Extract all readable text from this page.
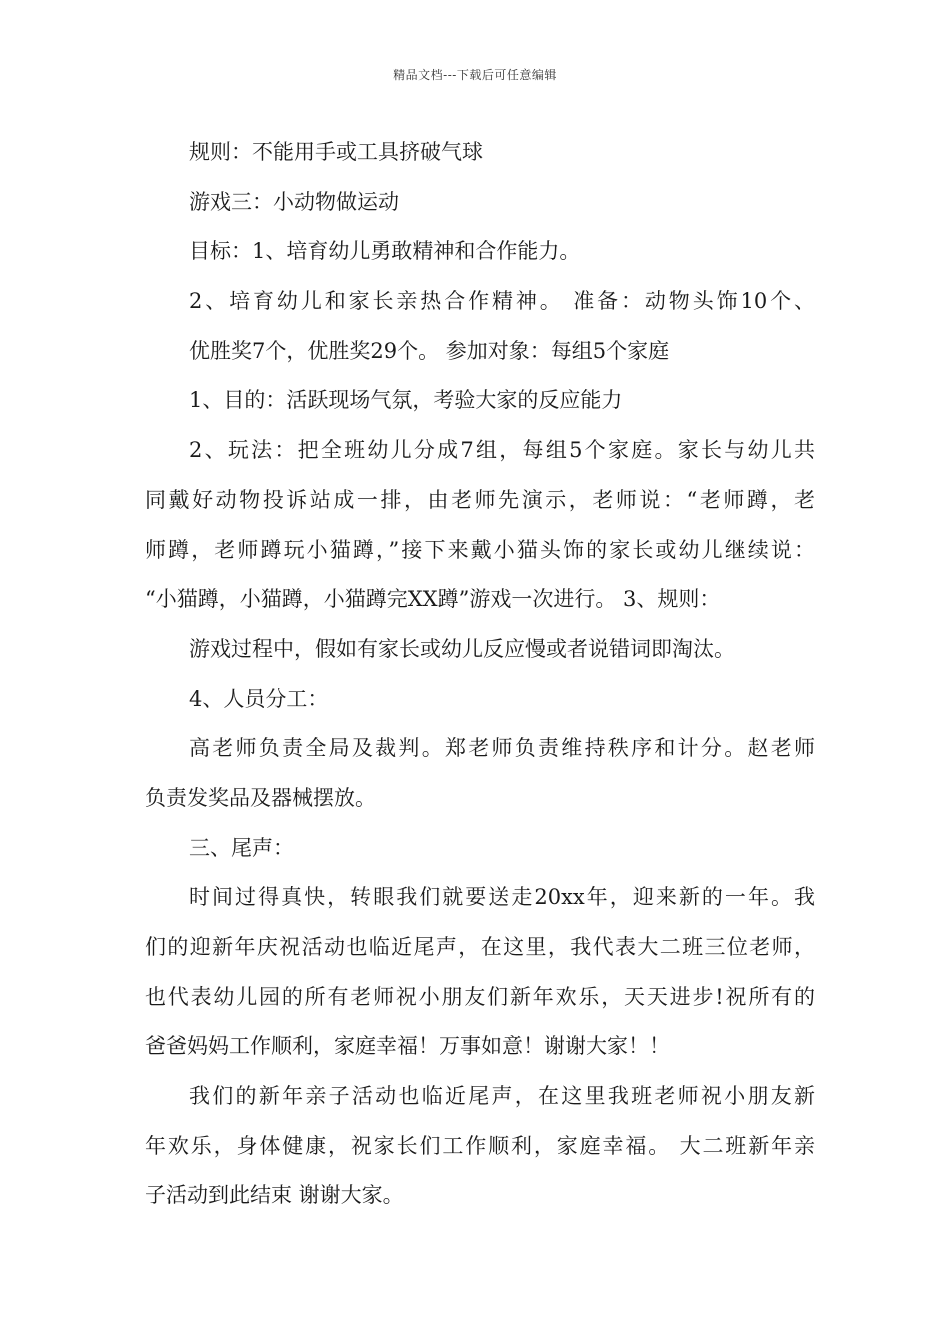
精品文档---下载后可任意编辑
规则：不能用手或工具挤破气球
游戏三：小动物做运动
目标：1、培育幼儿勇敢精神和合作能力。
2、培育幼儿和家长亲热合作精神。 准备：动物头饰10个、
优胜奖7个，优胜奖29个。 参加对象：每组5个家庭
1、目的：活跃现场气氛，考验大家的反应能力
2、玩法：把全班幼儿分成7组，每组5个家庭。家长与幼儿共
同戴好动物投诉站成一排，由老师先演示，老师说：“老师蹲，老
师蹲，老师蹲玩小猫蹲，”接下来戴小猫头饰的家长或幼儿继续说：
“小猫蹲，小猫蹲，小猫蹲完XX蹲”游戏一次进行。 3、规则：
游戏过程中，假如有家长或幼儿反应慢或者说错词即淘汰。
4、人员分工：
高老师负责全局及裁判。郑老师负责维持秩序和计分。赵老师
负责发奖品及器械摆放。
三、尾声：
时间过得真快，转眼我们就要送走20xx年，迎来新的一年。我
们的迎新年庆祝活动也临近尾声，在这里，我代表大二班三位老师，
也代表幼儿园的所有老师祝小朋友们新年欢乐，天天进步!祝所有的
爸爸妈妈工作顺利，家庭幸福！万事如意！谢谢大家！！
我们的新年亲子活动也临近尾声，在这里我班老师祝小朋友新
年欢乐，身体健康，祝家长们工作顺利，家庭幸福。 大二班新年亲
子活动到此结束 谢谢大家。
